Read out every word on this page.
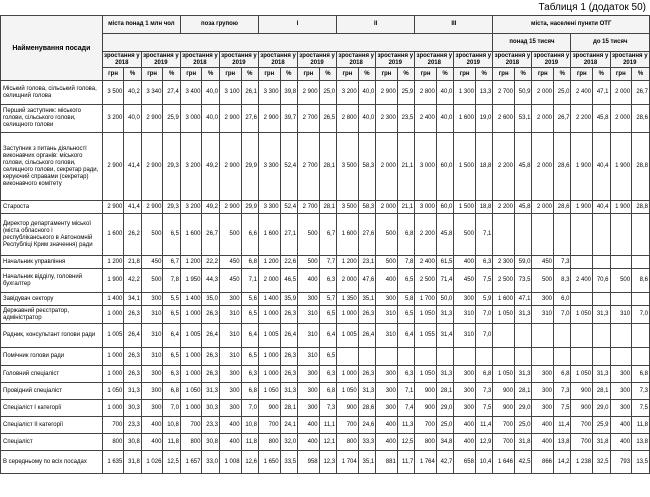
Таблиця 1 (додаток 50)
Найменування посади	міста понад 1 млн чол				поза групою				I				II				III				міста, населені пункти ОТГ							
																					понад 15 тисяч				до 15 тисяч			
	зростання у 2018		зростання у 2019		зростання у 2018		зростання у 2019		зростання у 2018		зростання у 2019		зростання у 2018		зростання у 2019		зростання у 2018		зростання у 2019		зростання у 2018		зростання у 2019		зростання у 2018		зростання у 2019	
	грн	%	грн	%	грн	%	грн	%	грн	%	грн	%	грн	%	грн	%	грн	%	грн	%	грн	%	грн	%	грн	%	грн	%
Міський голова, сільський голова, селищний голова	3 500	40,2	3 340	27,4	3 400	40,0	3 100	26,1	3 300	39,8	2 900	25,0	3 200	40,0	2 900	25,9	2 800	40,0	1 300	13,3	2 700	50,9	2 000	25,0	2 400	47,1	2 000	26,7
Перший заступник: міського голови, сільського голови, селищного голови	3 200	40,0	2 900	25,9	3 000	40,0	2 900	27,6	2 900	39,7	2 700	26,5	2 800	40,0	2 300	23,5	2 400	40,0	1 600	19,0	2 600	53,1	2 000	26,7	2 200	45,8	2 000	28,6
Заступник з питань діяльності виконавчих органів: міського голови, сільського голови, селищного голови, секретар ради, керуючий справами (секретар) виконавчого комітету	2 900	41,4	2 900	29,3	3 200	49,2	2 900	29,9	3 300	52,4	2 700	28,1	3 500	58,3	2 000	21,1	3 000	60,0	1 500	18,8	2 200	45,8	2 000	28,6	1 900	40,4	1 900	28,8
Староста	2 900	41,4	2 900	29,3	3 200	49,2	2 900	29,9	3 300	52,4	2 700	28,1	3 500	58,3	2 000	21,1	3 000	60,0	1 500	18,8	2 200	45,8	2 000	28,6	1 900	40,4	1 900	28,8
Директор департаменту міської (міста обласного і республіканського в Автономній Республіці Крим значення) ради	1 600	26,2	500	6,5	1 600	26,7	500	6,6	1 600	27,1	500	6,7	1 600	27,6	500	6,8	2 200	45,8	500	7,1								
Начальник управління	1 200	21,8	450	6,7	1 200	22,2	450	6,8	1 200	22,6	500	7,7	1 200	23,1	500	7,8	2 400	61,5	400	6,3	2 300	59,0	450	7,3				
Начальник відділу, головний бухгалтер	1 900	42,2	500	7,8	1 950	44,3	450	7,1	2 000	46,5	400	6,3	2 000	47,6	400	6,5	2 500	71,4	450	7,5	2 500	73,5	500	8,3	2 400	70,6	500	8,6
Завідувач сектору	1 400	34,1	300	5,5	1 400	35,0	300	5,6	1 400	35,9	300	5,7	1 350	35,1	300	5,8	1 700	50,0	300	5,9	1 600	47,1	300	6,0				
Державний реєстратор, адміністратор	1 000	26,3	310	6,5	1 000	26,3	310	6,5	1 000	26,3	310	6,5	1 000	26,3	310	6,5	1 050	31,3	310	7,0	1 050	31,3	310	7,0	1 050	31,3	310	7,0
Радник, консультант голови ради	1 005	26,4	310	6,4	1 005	26,4	310	6,4	1 005	26,4	310	6,4	1 005	26,4	310	6,4	1 055	31,4	310	7,0								
Помічник голови ради	1 000	26,3	310	6,5	1 000	26,3	310	6,5	1 000	26,3	310	6,5																
Головний спеціаліст	1 000	26,3	300	6,3	1 000	26,3	300	6,3	1 000	26,3	300	6,3	1 000	26,3	300	6,3	1 050	31,3	300	6,8	1 050	31,3	300	6,8	1 050	31,3	300	6,8
Провідний спеціаліст	1 050	31,3	300	6,8	1 050	31,3	300	6,8	1 050	31,3	300	6,8	1 050	31,3	300	7,1	900	28,1	300	7,3	900	28,1	300	7,3	900	28,1	300	7,3
Спеціаліст I категорії	1 000	30,3	300	7,0	1 000	30,3	300	7,0	900	28,1	300	7,3	900	28,6	300	7,4	900	29,0	300	7,5	900	29,0	300	7,5	900	29,0	300	7,5
Спеціаліст II категорії	700	23,3	400	10,8	700	23,3	400	10,8	700	24,1	400	11,1	700	24,6	400	11,3	700	25,0	400	11,4	700	25,0	400	11,4	700	25,9	400	11,8
Спеціаліст	800	30,8	400	11,8	800	30,8	400	11,8	800	32,0	400	12,1	800	33,3	400	12,5	800	34,8	400	12,9	700	31,8	400	13,8	700	31,8	400	13,8
В середньому по всіх посадах	1 635	31,8	1 026	12,5	1 657	33,0	1 008	12,6	1 650	33,5	958	12,3	1 704	35,1	881	11,7	1 764	42,7	658	10,4	1 646	42,5	866	14,2	1 238	32,5	793	13,5
